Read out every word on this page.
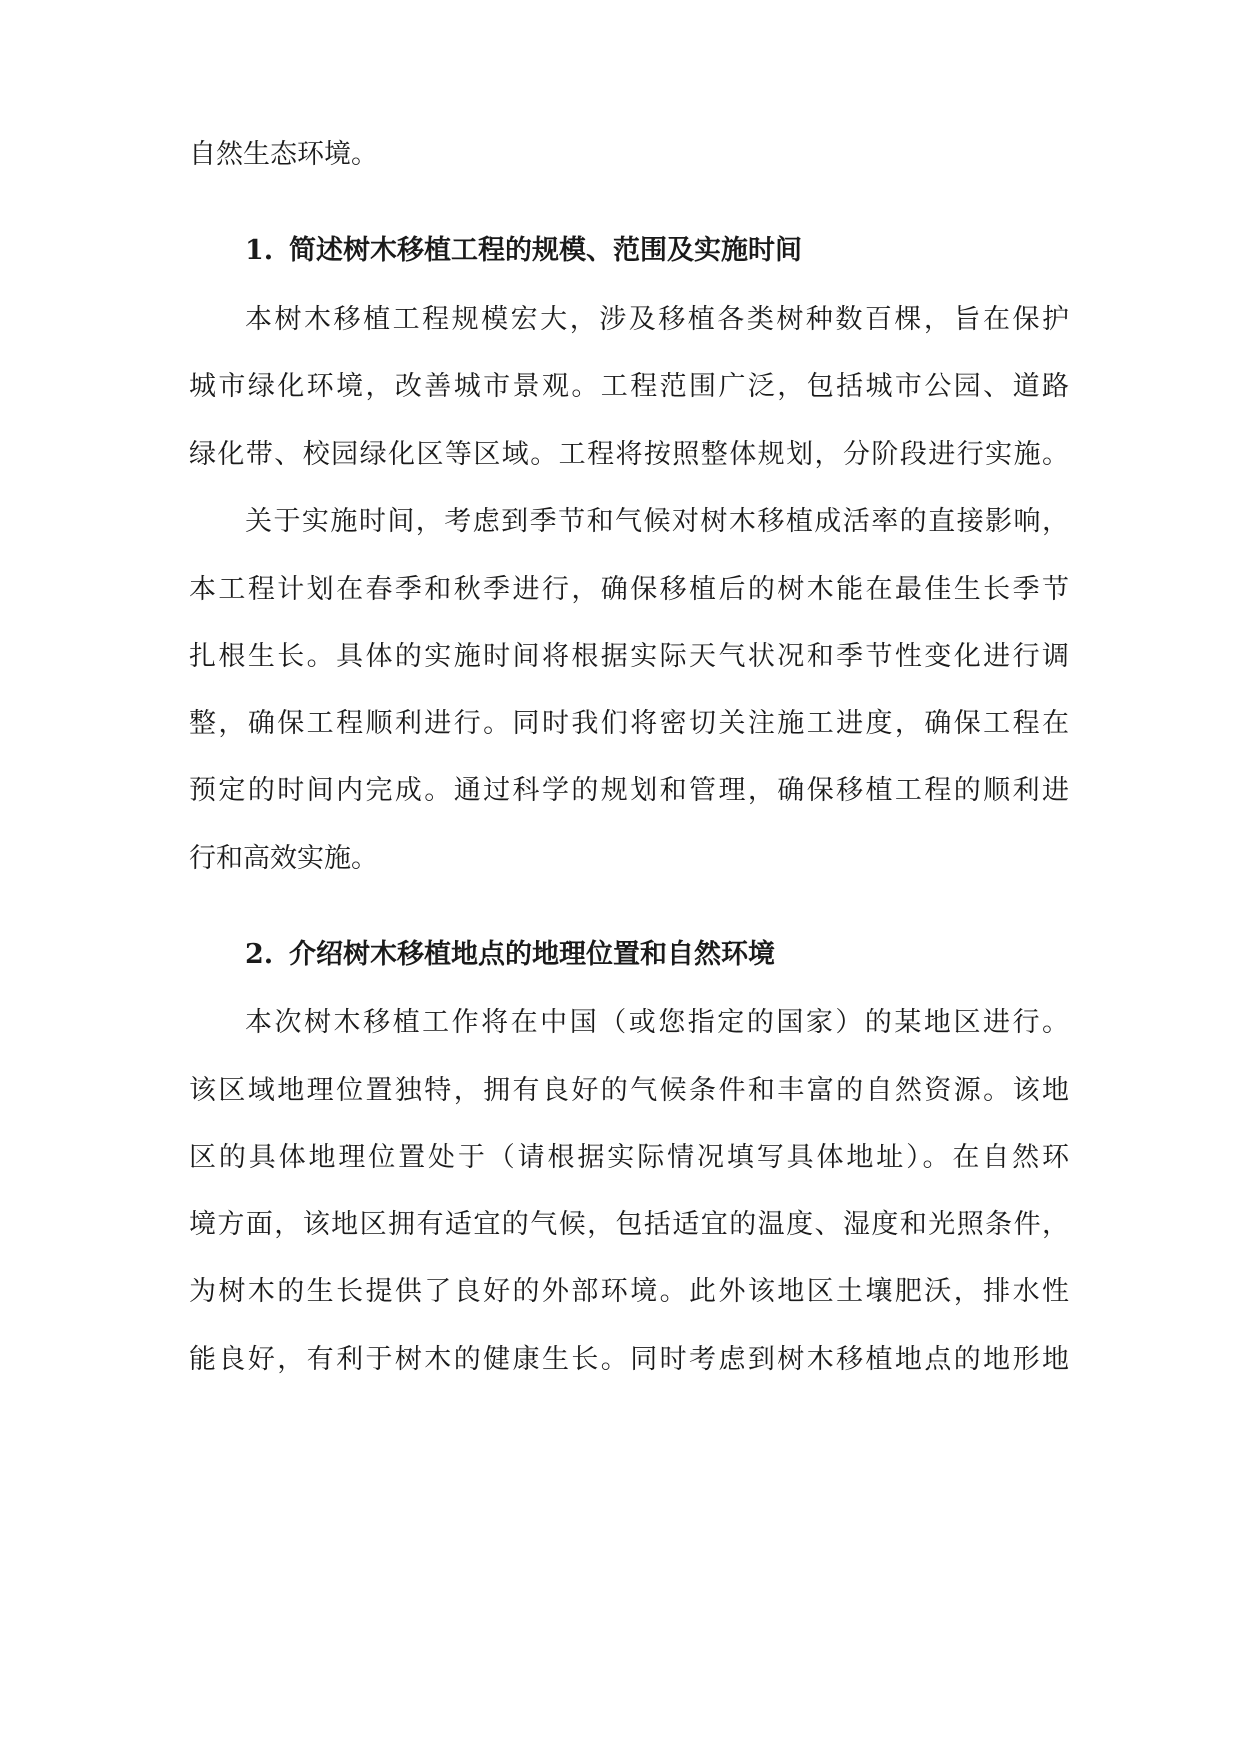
自然生态环境。

1. 简述树木移植工程的规模、范围及实施时间

本树木移植工程规模宏大，涉及移植各类树种数百棵，旨在保护

城市绿化环境，改善城市景观。工程范围广泛，包括城市公园、道路

绿化带、校园绿化区等区域。工程将按照整体规划，分阶段进行实施。

关于实施时间，考虑到季节和气候对树木移植成活率的直接影响，

本工程计划在春季和秋季进行，确保移植后的树木能在最佳生长季节

扎根生长。具体的实施时间将根据实际天气状况和季节性变化进行调

整，确保工程顺利进行。同时我们将密切关注施工进度，确保工程在

预定的时间内完成。通过科学的规划和管理，确保移植工程的顺利进

行和高效实施。

2. 介绍树木移植地点的地理位置和自然环境

本次树木移植工作将在中国（或您指定的国家）的某地区进行。

该区域地理位置独特，拥有良好的气候条件和丰富的自然资源。该地

区的具体地理位置处于（请根据实际情况填写具体地址）。在自然环

境方面，该地区拥有适宜的气候，包括适宜的温度、湿度和光照条件，

为树木的生长提供了良好的外部环境。此外该地区土壤肥沃，排水性

能良好，有利于树木的健康生长。同时考虑到树木移植地点的地形地
